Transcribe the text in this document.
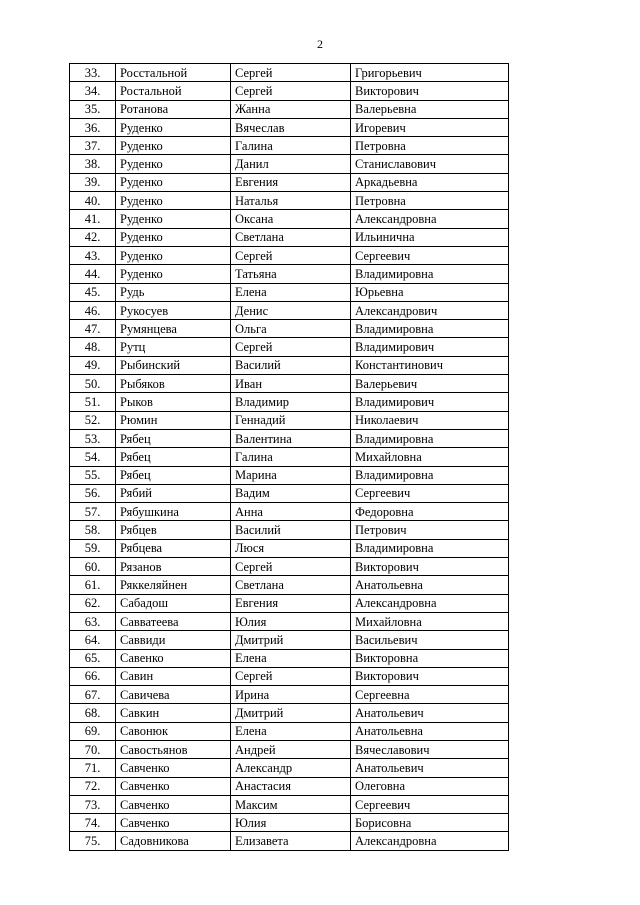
2
33.	Росстальной	Сергей	Григорьевич
34.	Ростальной	Сергей	Викторович
35.	Ротанова	Жанна	Валерьевна
36.	Руденко	Вячеслав	Игоревич
37.	Руденко	Галина	Петровна
38.	Руденко	Данил	Станиславович
39.	Руденко	Евгения	Аркадьевна
40.	Руденко	Наталья	Петровна
41.	Руденко	Оксана	Александровна
42.	Руденко	Светлана	Ильинична
43.	Руденко	Сергей	Сергеевич
44.	Руденко	Татьяна	Владимировна
45.	Рудь	Елена	Юрьевна
46.	Рукосуев	Денис	Александрович
47.	Румянцева	Ольга	Владимировна
48.	Рутц	Сергей	Владимирович
49.	Рыбинский	Василий	Константинович
50.	Рыбяков	Иван	Валерьевич
51.	Рыков	Владимир	Владимирович
52.	Рюмин	Геннадий	Николаевич
53.	Рябец	Валентина	Владимировна
54.	Рябец	Галина	Михайловна
55.	Рябец	Марина	Владимировна
56.	Рябий	Вадим	Сергеевич
57.	Рябушкина	Анна	Федоровна
58.	Рябцев	Василий	Петрович
59.	Рябцева	Люся	Владимировна
60.	Рязанов	Сергей	Викторович
61.	Ряккеляйнен	Светлана	Анатольевна
62.	Сабадош	Евгения	Александровна
63.	Савватеева	Юлия	Михайловна
64.	Саввиди	Дмитрий	Васильевич
65.	Савенко	Елена	Викторовна
66.	Савин	Сергей	Викторович
67.	Савичева	Ирина	Сергеевна
68.	Савкин	Дмитрий	Анатольевич
69.	Савонюк	Елена	Анатольевна
70.	Савостьянов	Андрей	Вячеславович
71.	Савченко	Александр	Анатольевич
72.	Савченко	Анастасия	Олеговна
73.	Савченко	Максим	Сергеевич
74.	Савченко	Юлия	Борисовна
75.	Садовникова	Елизавета	Александровна
